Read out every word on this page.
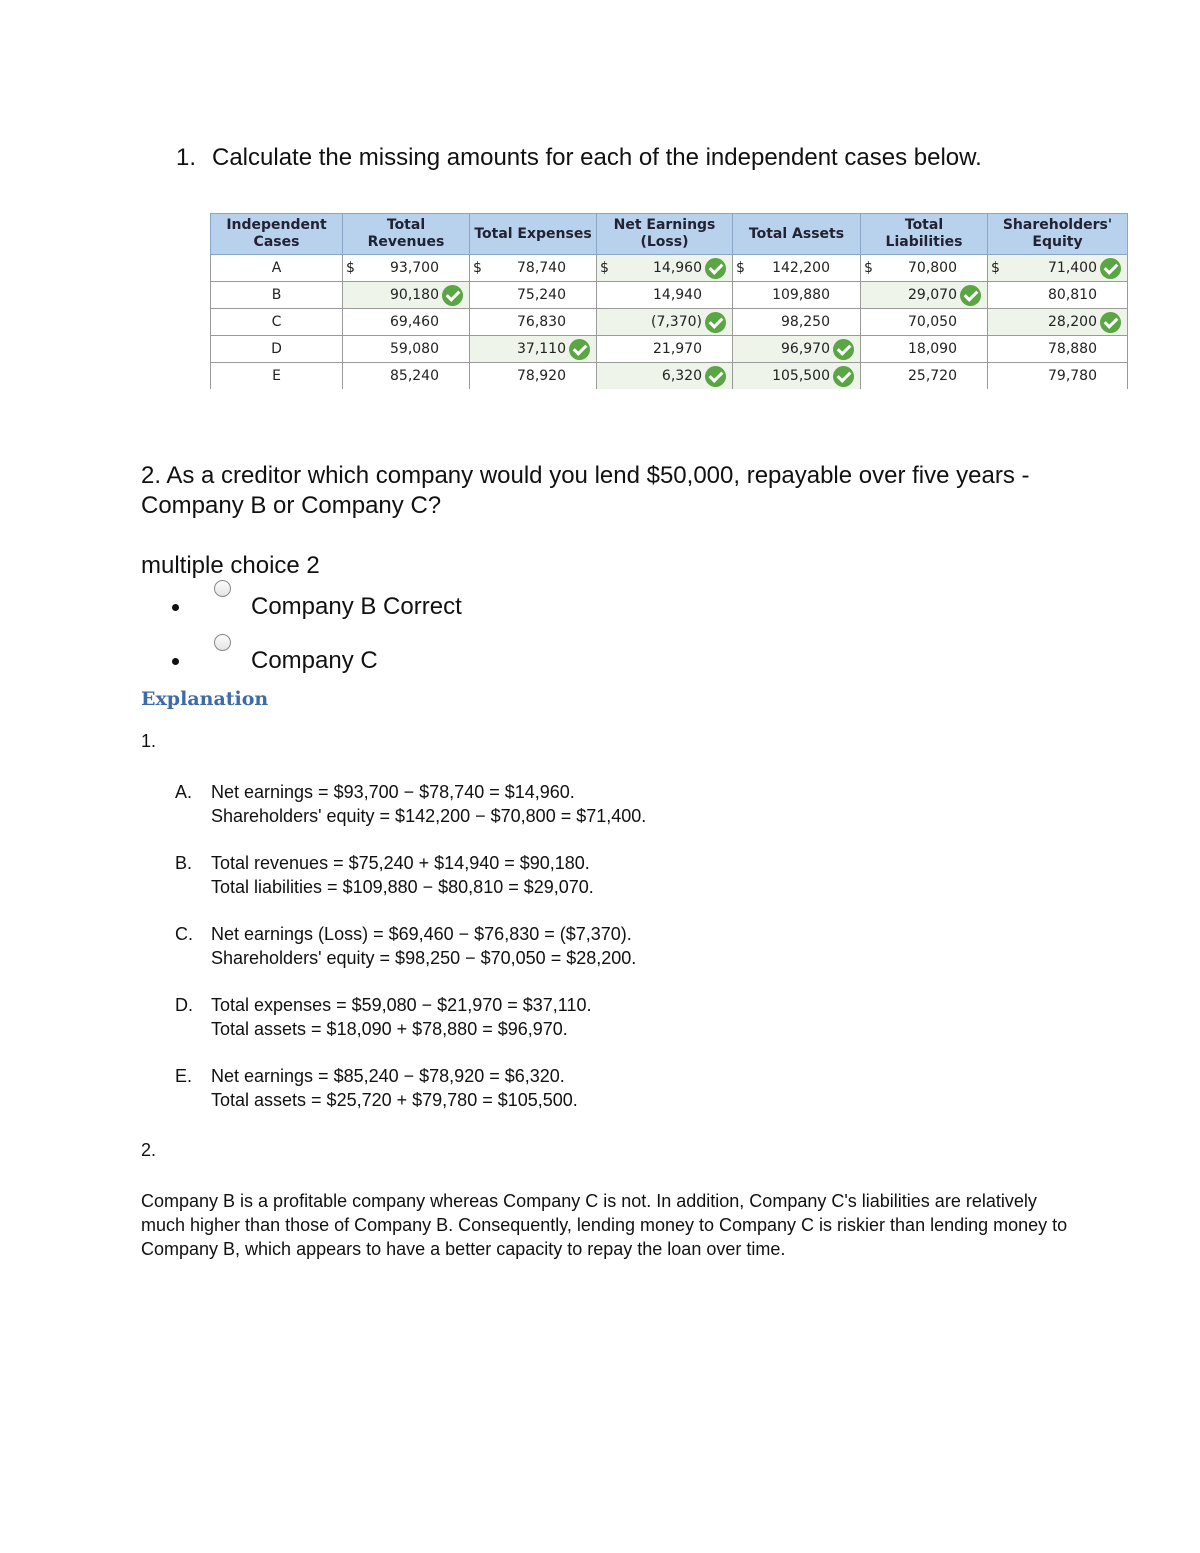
1. Calculate the missing amounts for each of the independent cases below.
Independent Cases	Total Revenues	Total Expenses	Net Earnings (Loss)	Total Assets	Total Liabilities	Shareholders' Equity
A	$ 93,700	$ 78,740	$ 14,960	$ 142,200	$ 70,800	$ 71,400

B	90,180	75,240	14,940	109,880	29,070	80,810
C	69,460	76,830	(7,370)	98,250	70,050	28,200

D	59,080	37,110	21,970	96,970	18,090	78,880
E	85,240	78,920	6,320	105,500	25,720	79,780
2. As a creditor which company would you lend $50,000, repayable over five years - Company B or Company C?
multiple choice 2
Company B Correct
Company C
Explanation
1.
A. Net earnings = $93,700 − $78,740 = $14,960.
Shareholders' equity = $142,200 − $70,800 = $71,400.
B. Total revenues = $75,240 + $14,940 = $90,180.
Total liabilities = $109,880 − $80,810 = $29,070.
C. Net earnings (Loss) = $69,460 − $76,830 = ($7,370).
Shareholders' equity = $98,250 − $70,050 = $28,200.
D. Total expenses = $59,080 − $21,970 = $37,110.
Total assets = $18,090 + $78,880 = $96,970.
E. Net earnings = $85,240 − $78,920 = $6,320.
Total assets = $25,720 + $79,780 = $105,500.
2.
Company B is a profitable company whereas Company C is not. In addition, Company C's liabilities are relatively much higher than those of Company B. Consequently, lending money to Company C is riskier than lending money to Company B, which appears to have a better capacity to repay the loan over time.
